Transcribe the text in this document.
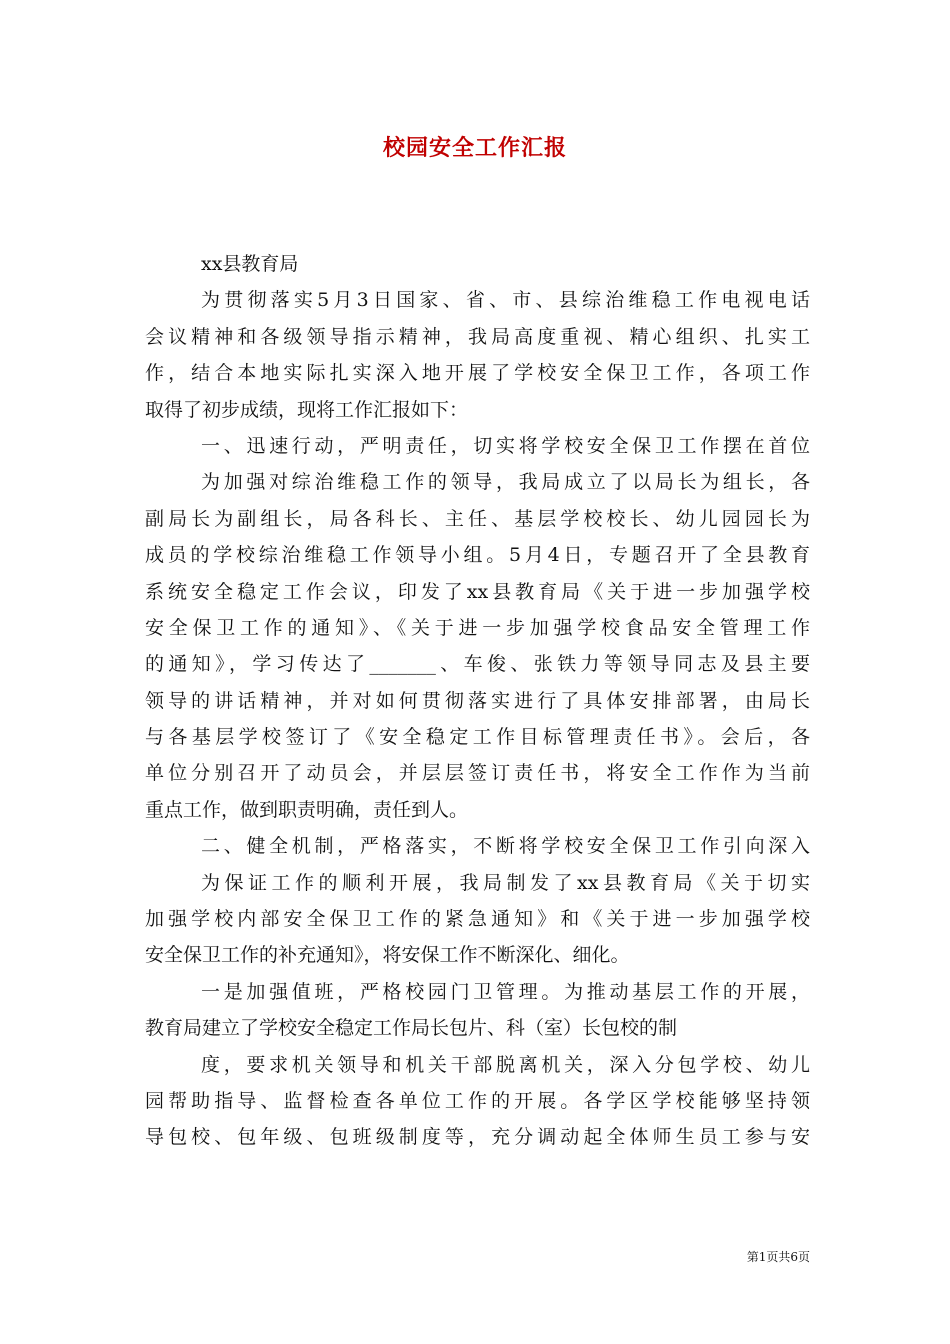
校园安全工作汇报
xx县教育局
为贯彻落实5月3日国家、省、市、县综治维稳工作电视电话
会议精神和各级领导指示精神，我局高度重视、精心组织、扎实工
作，结合本地实际扎实深入地开展了学校安全保卫工作，各项工作
取得了初步成绩，现将工作汇报如下：
一、迅速行动，严明责任，切实将学校安全保卫工作摆在首位
为加强对综治维稳工作的领导，我局成立了以局长为组长，各
副局长为副组长，局各科长、主任、基层学校校长、幼儿园园长为
成员的学校综治维稳工作领导小组。5月4日，专题召开了全县教育
系统安全稳定工作会议，印发了xx县教育局《关于进一步加强学校
安全保卫工作的通知》、《关于进一步加强学校食品安全管理工作
的通知》，学习传达了_______、车俊、张铁力等领导同志及县主要
领导的讲话精神，并对如何贯彻落实进行了具体安排部署，由局长
与各基层学校签订了《安全稳定工作目标管理责任书》。会后，各
单位分别召开了动员会，并层层签订责任书，将安全工作作为当前
重点工作，做到职责明确，责任到人。
二、健全机制，严格落实，不断将学校安全保卫工作引向深入
为保证工作的顺利开展，我局制发了xx县教育局《关于切实
加强学校内部安全保卫工作的紧急通知》和《关于进一步加强学校
安全保卫工作的补充通知》，将安保工作不断深化、细化。
一是加强值班，严格校园门卫管理。为推动基层工作的开展，
教育局建立了学校安全稳定工作局长包片、科（室）长包校的制
度，要求机关领导和机关干部脱离机关，深入分包学校、幼儿
园帮助指导、监督检查各单位工作的开展。各学区学校能够坚持领
导包校、包年级、包班级制度等，充分调动起全体师生员工参与安
第1页共6页
